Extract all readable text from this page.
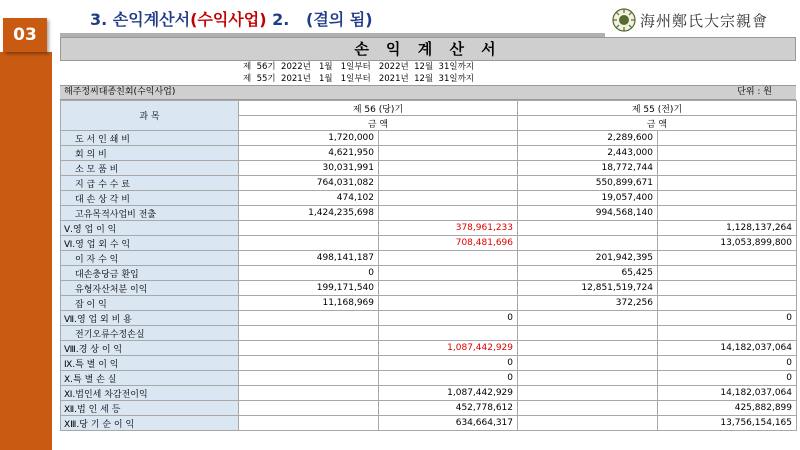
3. 손익계산서(수익사업) 2. (결의 됨)	海州鄭氏大宗親會
03
손 익 계 산 서
제  56기  2022년   1월   1일부터   2022년  12월  31일까지
제  55기  2021년   1월   1일부터   2021년  12월  31일까지
해주정씨대종친회(수익사업)	단위 : 원
과 목	제 56 (당)기		제 55 (전)기	
	금 액		금 액	
도 서 인 쇄 비	1,720,000		2,289,600	
회 의 비	4,621,950		2,443,000	
소 모 품 비	30,031,991		18,772,744	
지 급 수 수 료	764,031,082		550,899,671	
대 손 상 각 비	474,102		19,057,400	
고유목적사업비 전출	1,424,235,698		994,568,140	
Ⅴ.영 업 이 익		378,961,233		1,128,137,264
Ⅵ.영 업 외 수 익		708,481,696		13,053,899,800
이 자 수 익	498,141,187		201,942,395	
대손충당금 환입	0		65,425	
유형자산처분 이익	199,171,540		12,851,519,724	
잡 이 익	11,168,969		372,256	
Ⅶ.영 업 외 비 용		0		0
전기오류수정손실				
Ⅷ.경 상 이 익		1,087,442,929		14,182,037,064
Ⅸ.특 별 이 익		0		0
Ⅹ.특 별 손 실		0		0
Ⅺ.법인세 차감전이익		1,087,442,929		14,182,037,064
Ⅻ.법 인 세 등		452,778,612		425,882,899
ⅩⅢ.당 기 순 이 익		634,664,317		13,756,154,165
